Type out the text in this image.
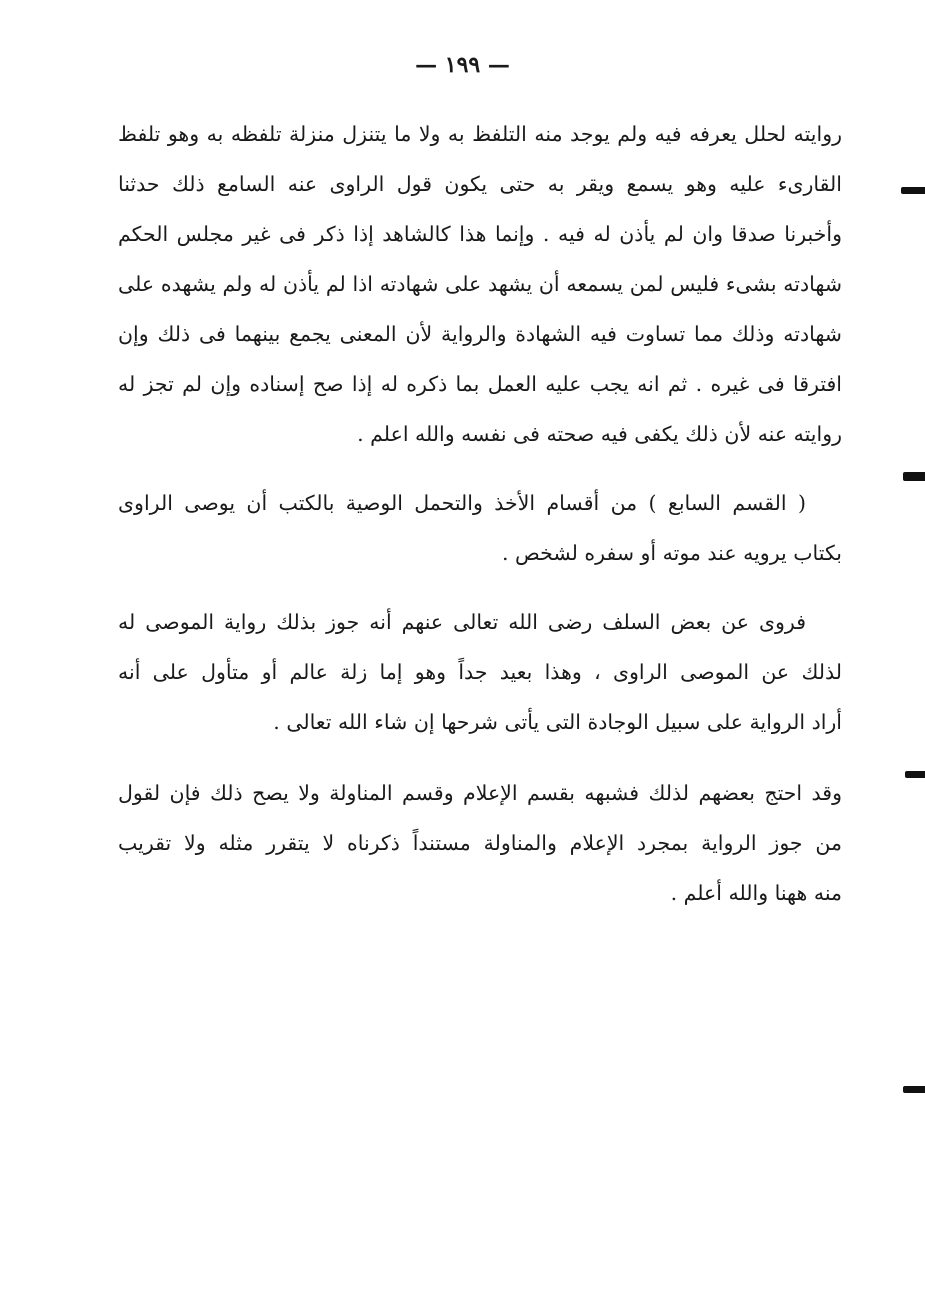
— ١٩٩ —
روايته لحلل يعرفه فيه ولم يوجد منه التلفظ به ولا ما يتنزل منزلة تلفظه به وهو تلفظ
القارىء عليه وهو يسمع ويقر به حتى يكون قول الراوى عنه السامع ذلك حدثنا
وأخبرنا صدقا وان لم يأذن له فيه . وإنما هذا كالشاهد إذا ذكر فى غير مجلس الحكم
شهادته بشىء فليس لمن يسمعه أن يشهد على شهادته اذا لم يأذن له ولم يشهده على
شهادته وذلك مما تساوت فيه الشهادة والرواية لأن المعنى يجمع بينهما فى ذلك وإن
افترقا فى غيره . ثم انه يجب عليه العمل بما ذكره له إذا صح إسناده وإن لم تجز له
روايته عنه لأن ذلك يكفى فيه صحته فى نفسه والله اعلم .
( القسم السابع ) من أقسام الأخذ والتحمل الوصية بالكتب أن يوصى الراوى
بكتاب يرويه عند موته أو سفره لشخص .
فروى عن بعض السلف رضى الله تعالى عنهم أنه جوز بذلك رواية الموصى له
لذلك عن الموصى الراوى ، وهذا بعيد جداً وهو إما زلة عالم أو متأول على أنه
أراد الرواية على سبيل الوجادة التى يأتى شرحها إن شاء الله تعالى .
وقد احتج بعضهم لذلك فشبهه بقسم الإعلام وقسم المناولة ولا يصح ذلك فإن لقول
من جوز الرواية بمجرد الإعلام والمناولة مستنداً ذكرناه لا يتقرر مثله ولا تقريب
منه ههنا والله أعلم .
